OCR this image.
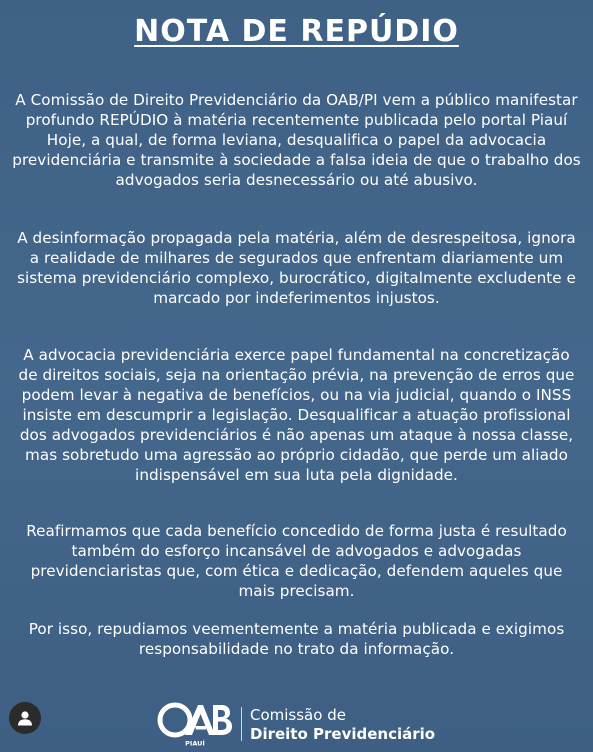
NOTA DE REPÚDIO

A Comissão de Direito Previdenciário da OAB/PI vem a público manifestar profundo REPÚDIO à matéria recentemente publicada pelo portal Piauí Hoje, a qual, de forma leviana, desqualifica o papel da advocacia previdenciária e transmite à sociedade a falsa ideia de que o trabalho dos advogados seria desnecessário ou até abusivo.

A desinformação propagada pela matéria, além de desrespeitosa, ignora a realidade de milhares de segurados que enfrentam diariamente um sistema previdenciário complexo, burocrático, digitalmente excludente e marcado por indeferimentos injustos.

A advocacia previdenciária exerce papel fundamental na concretização de direitos sociais, seja na orientação prévia, na prevenção de erros que podem levar à negativa de benefícios, ou na via judicial, quando o INSS insiste em descumprir a legislação. Desqualificar a atuação profissional dos advogados previdenciários é não apenas um ataque à nossa classe, mas sobretudo uma agressão ao próprio cidadão, que perde um aliado indispensável em sua luta pela dignidade.

Reafirmamos que cada benefício concedido de forma justa é resultado também do esforço incansável de advogados e advogadas previdenciaristas que, com ética e dedicação, defendem aqueles que mais precisam.

Por isso, repudiamos veementemente a matéria publicada e exigimos responsabilidade no trato da informação.

PIAUÍ
Comissão de
Direito Previdenciário
